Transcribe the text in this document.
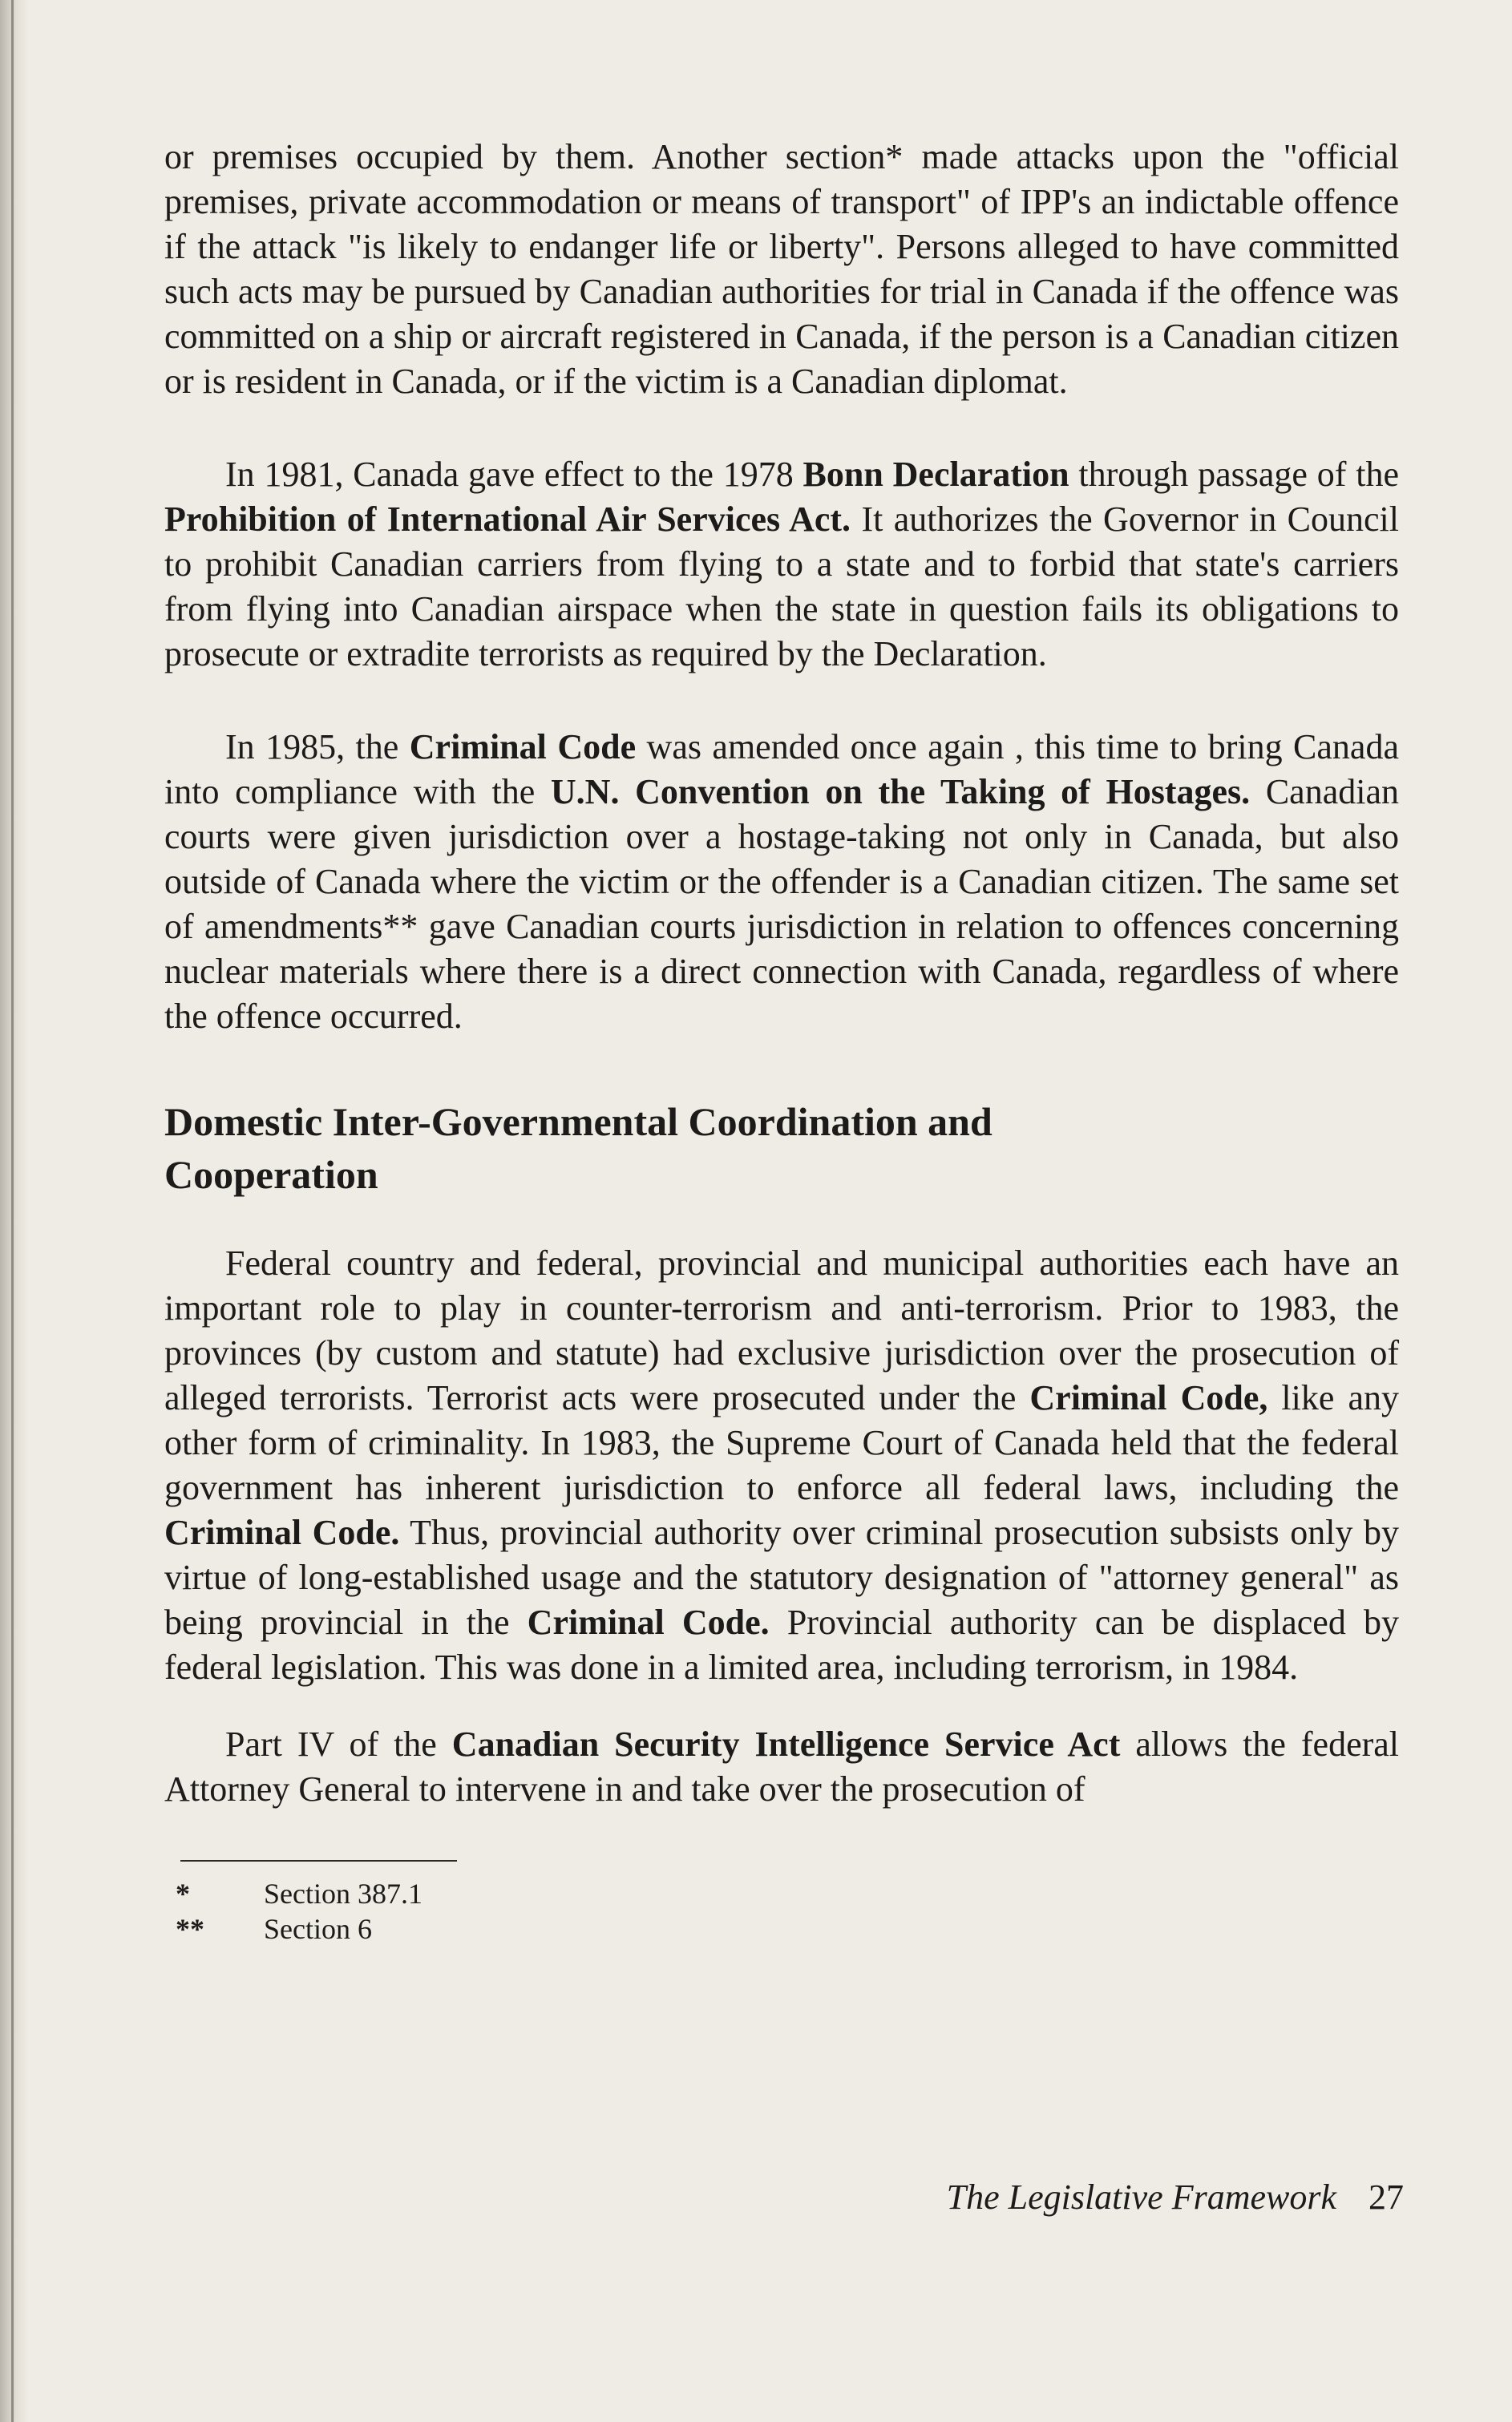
or premises occupied by them. Another section* made attacks upon the "official premises, private accommodation or means of transport" of IPP's an indictable offence if the attack "is likely to endanger life or liberty". Persons alleged to have committed such acts may be pursued by Canadian authorities for trial in Canada if the offence was committed on a ship or aircraft registered in Canada, if the person is a Canadian citizen or is resident in Canada, or if the victim is a Canadian diplomat.

In 1981, Canada gave effect to the 1978 Bonn Declaration through passage of the Prohibition of International Air Services Act. It authorizes the Governor in Council to prohibit Canadian carriers from flying to a state and to forbid that state's carriers from flying into Canadian airspace when the state in question fails its obligations to prosecute or extradite terrorists as required by the Declaration.

In 1985, the Criminal Code was amended once again , this time to bring Canada into compliance with the U.N. Convention on the Taking of Hostages. Canadian courts were given jurisdiction over a hostage-taking not only in Canada, but also outside of Canada where the victim or the offender is a Canadian citizen. The same set of amendments** gave Canadian courts jurisdiction in relation to offences concerning nuclear materials where there is a direct connection with Canada, regardless of where the offence occurred.

Domestic Inter-Governmental Coordination and Cooperation

Federal country and federal, provincial and municipal authorities each have an important role to play in counter-terrorism and anti-terrorism. Prior to 1983, the provinces (by custom and statute) had exclusive jurisdiction over the prosecution of alleged terrorists. Terrorist acts were prosecuted under the Criminal Code, like any other form of criminality. In 1983, the Supreme Court of Canada held that the federal government has inherent jurisdiction to enforce all federal laws, including the Criminal Code. Thus, provincial authority over criminal prosecution subsists only by virtue of long-established usage and the statutory designation of "attorney general" as being provincial in the Criminal Code. Provincial authority can be displaced by federal legislation. This was done in a limited area, including terrorism, in 1984.

Part IV of the Canadian Security Intelligence Service Act allows the federal Attorney General to intervene in and take over the prosecution of

*	Section 387.1
**	Section 6
The Legislative Framework 27
